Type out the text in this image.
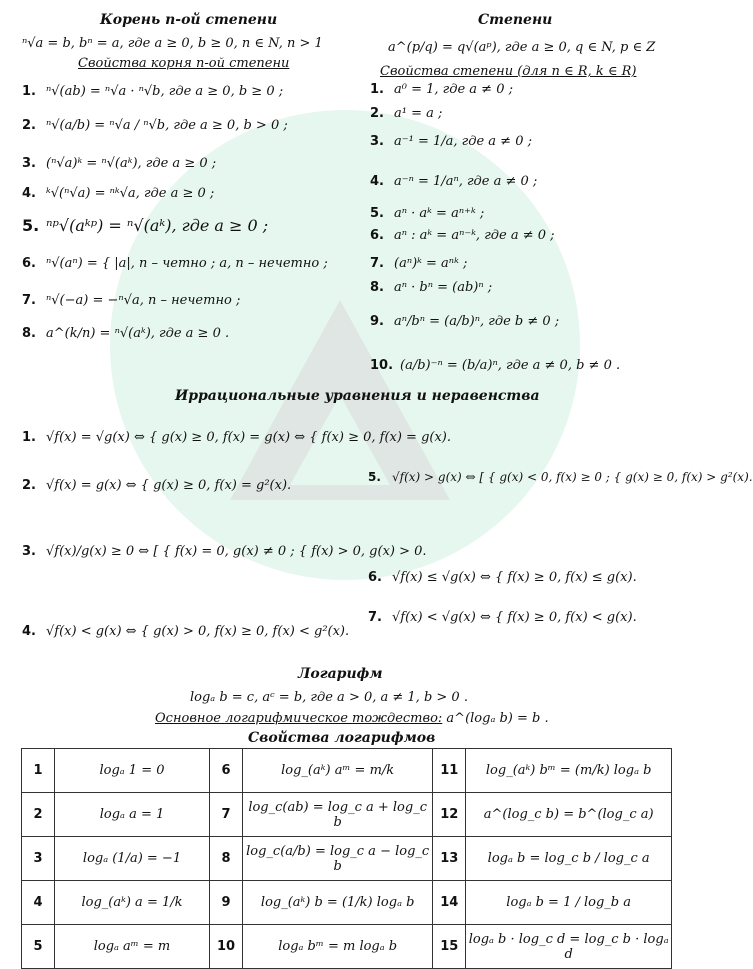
Корень n-ой степени
ⁿ√a = b, bⁿ = a, где a ≥ 0, b ≥ 0, n ∈ N, n > 1
Свойства корня n-ой степени
1. ⁿ√(ab) = ⁿ√a · ⁿ√b, где a ≥ 0, b ≥ 0 ;
2. ⁿ√(a/b) = ⁿ√a / ⁿ√b, где a ≥ 0, b > 0 ;
3. (ⁿ√a)ᵏ = ⁿ√(aᵏ), где a ≥ 0 ;
4. ᵏ√(ⁿ√a) = ⁿᵏ√a, где a ≥ 0 ;
5. ⁿᵖ√(aᵏᵖ) = ⁿ√(aᵏ), где a ≥ 0 ;
6. ⁿ√(aⁿ) = { |a|, n – четно ; a, n – нечетно ;
7. ⁿ√(−a) = −ⁿ√a, n – нечетно ;
8. a^(k/n) = ⁿ√(aᵏ), где a ≥ 0 .
Степени
a^(p/q) = q√(aᵖ), где a ≥ 0, q ∈ N, p ∈ Z
Свойства степени (для n ∈ R, k ∈ R)
1. a⁰ = 1, где a ≠ 0 ;
2. a¹ = a ;
3. a⁻¹ = 1/a, где a ≠ 0 ;
4. a⁻ⁿ = 1/aⁿ, где a ≠ 0 ;
5. aⁿ · aᵏ = aⁿ⁺ᵏ ;
6. aⁿ : aᵏ = aⁿ⁻ᵏ, где a ≠ 0 ;
7. (aⁿ)ᵏ = aⁿᵏ ;
8. aⁿ · bⁿ = (ab)ⁿ ;
9. aⁿ/bⁿ = (a/b)ⁿ, где b ≠ 0 ;
10. (a/b)⁻ⁿ = (b/a)ⁿ, где a ≠ 0, b ≠ 0 .
Иррациональные уравнения и неравенства
1. √f(x) = √g(x) ⇔ { g(x) ≥ 0, f(x) = g(x) ⇔ { f(x) ≥ 0, f(x) = g(x).
2. √f(x) = g(x) ⇔ { g(x) ≥ 0, f(x) = g²(x).
3. √f(x)/g(x) ≥ 0 ⇔ [ { f(x) = 0, g(x) ≠ 0 ; { f(x) > 0, g(x) > 0.
4. √f(x) < g(x) ⇔ { g(x) > 0, f(x) ≥ 0, f(x) < g²(x).
5. √f(x) > g(x) ⇔ [ { g(x) < 0, f(x) ≥ 0 ; { g(x) ≥ 0, f(x) > g²(x).
6. √f(x) ≤ √g(x) ⇔ { f(x) ≥ 0, f(x) ≤ g(x).
7. √f(x) < √g(x) ⇔ { f(x) ≥ 0, f(x) < g(x).
Логарифм
logₐ b = c, aᶜ = b, где a > 0, a ≠ 1, b > 0 .
Основное логарифмическое тождество: a^(logₐ b) = b .
Свойства логарифмов
1	logₐ 1 = 0	6	log_(aᵏ) aᵐ = m/k	11	log_(aᵏ) bᵐ = (m/k) logₐ b
2	logₐ a = 1	7	log_c(ab) = log_c a + log_c b	12	a^(log_c b) = b^(log_c a)
3	logₐ (1/a) = −1	8	log_c(a/b) = log_c a − log_c b	13	logₐ b = log_c b / log_c a
4	log_(aᵏ) a = 1/k	9	log_(aᵏ) b = (1/k) logₐ b	14	logₐ b = 1 / log_b a
5	logₐ aᵐ = m	10	logₐ bᵐ = m logₐ b	15	logₐ b · log_c d = log_c b · logₐ d
